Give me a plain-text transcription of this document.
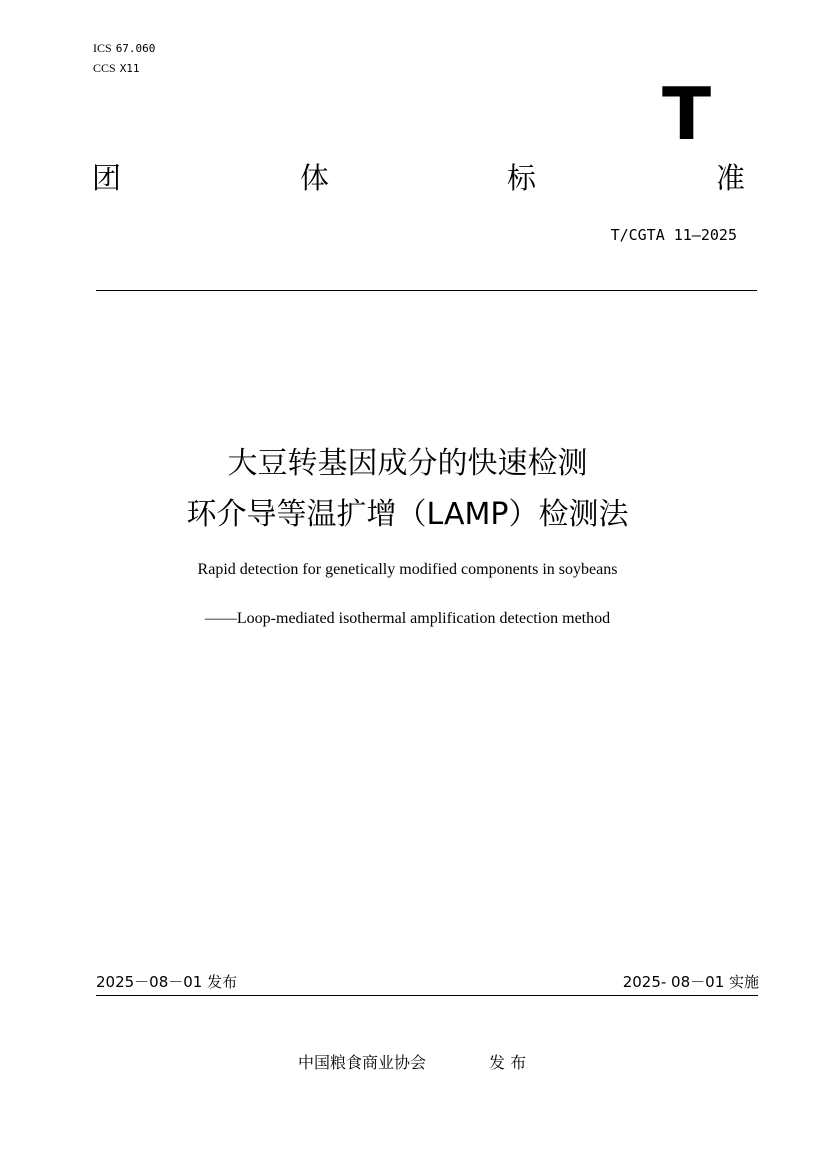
ICS 67.060
CCS X11
T
团	体	标	准
T/CGTA 11—2025
大豆转基因成分的快速检测
环介导等温扩增（LAMP）检测法
Rapid detection for genetically modified components in soybeans
——Loop-mediated isothermal amplification detection method
2025－08－01 发布	2025- 08－01 实施
中国粮食商业协会	发 布
